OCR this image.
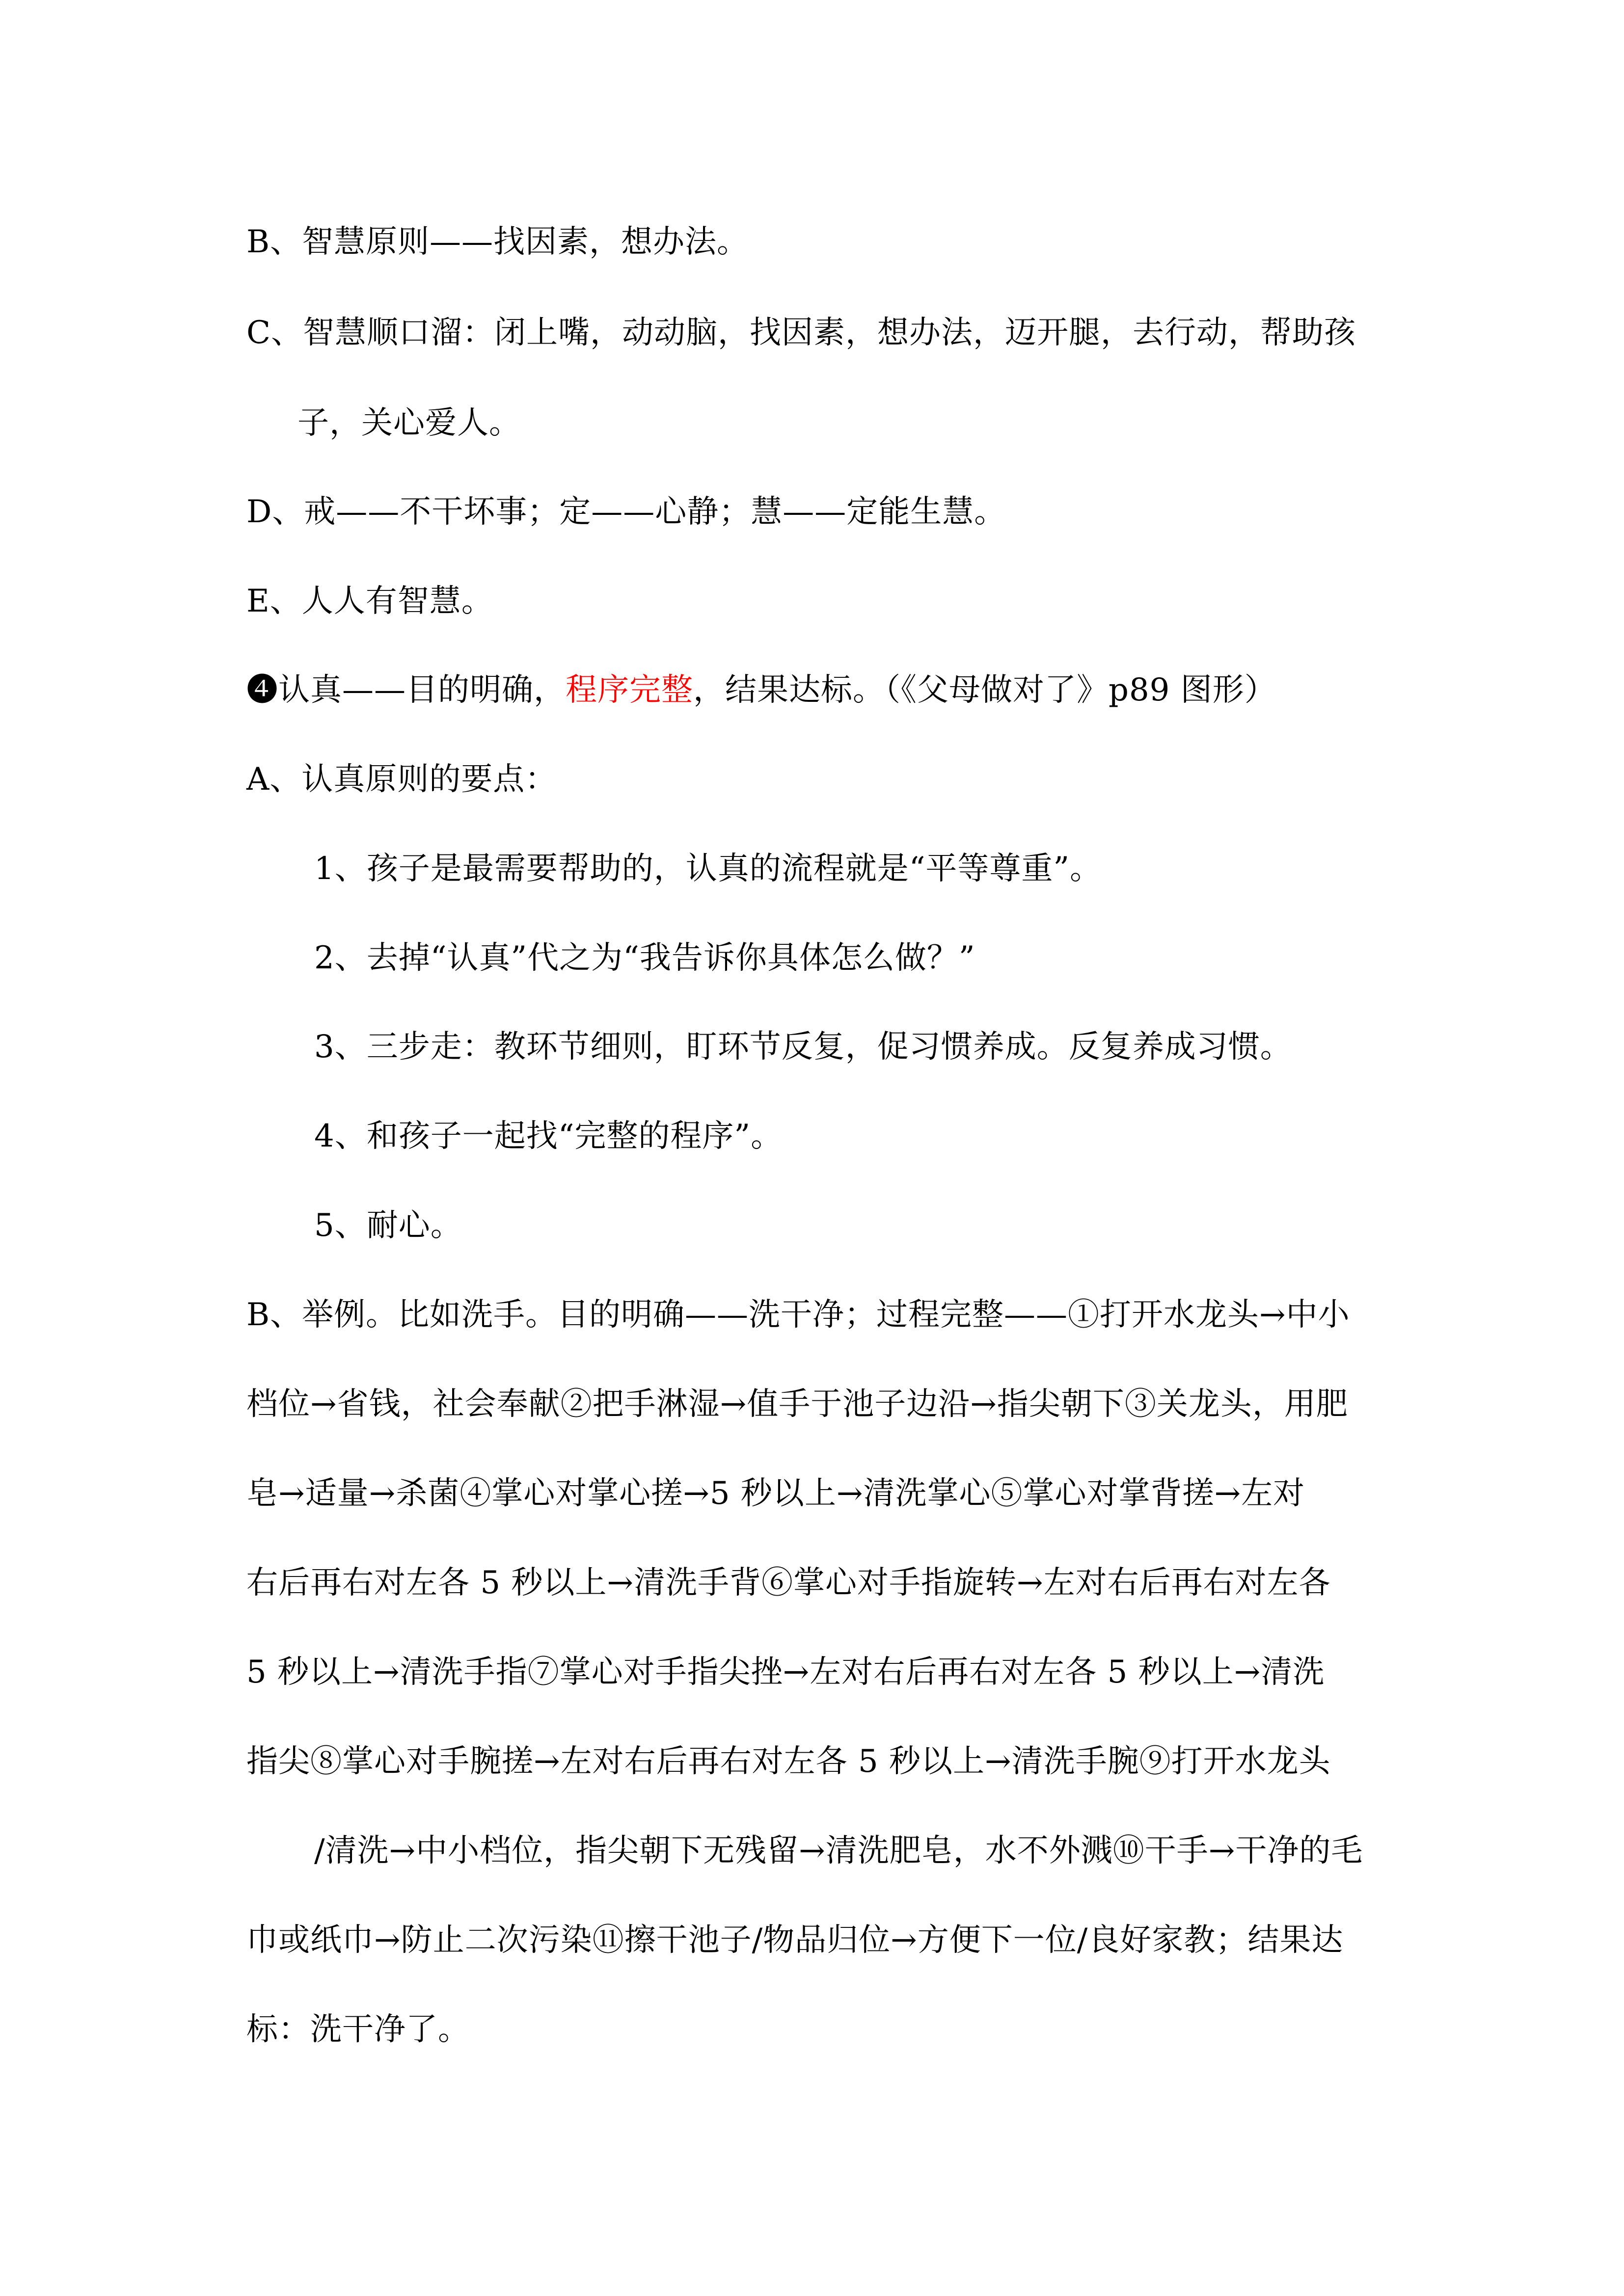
B、智慧原则——找因素，想办法。
C、智慧顺口溜：闭上嘴，动动脑，找因素，想办法，迈开腿，去行动，帮助孩
子，关心爱人。
D、戒——不干坏事；定——心静；慧——定能生慧。
E、人人有智慧。
❹认真——目的明确，程序完整，结果达标。（《父母做对了》p89 图形）
A、认真原则的要点：
1、孩子是最需要帮助的，认真的流程就是“平等尊重”。
2、去掉“认真”代之为“我告诉你具体怎么做？”
3、三步走：教环节细则，盯环节反复，促习惯养成。反复养成习惯。
4、和孩子一起找“完整的程序”。
5、耐心。
B、举例。比如洗手。目的明确——洗干净；过程完整——①打开水龙头→中小
档位→省钱，社会奉献②把手淋湿→值手于池子边沿→指尖朝下③关龙头，用肥
皂→适量→杀菌④掌心对掌心搓→5 秒以上→清洗掌心⑤掌心对掌背搓→左对
右后再右对左各 5 秒以上→清洗手背⑥掌心对手指旋转→左对右后再右对左各
5 秒以上→清洗手指⑦掌心对手指尖挫→左对右后再右对左各 5 秒以上→清洗
指尖⑧掌心对手腕搓→左对右后再右对左各 5 秒以上→清洗手腕⑨打开水龙头
/清洗→中小档位，指尖朝下无残留→清洗肥皂，水不外溅⑩干手→干净的毛
巾或纸巾→防止二次污染⑪擦干池子/物品归位→方便下一位/良好家教；结果达
标：洗干净了。
